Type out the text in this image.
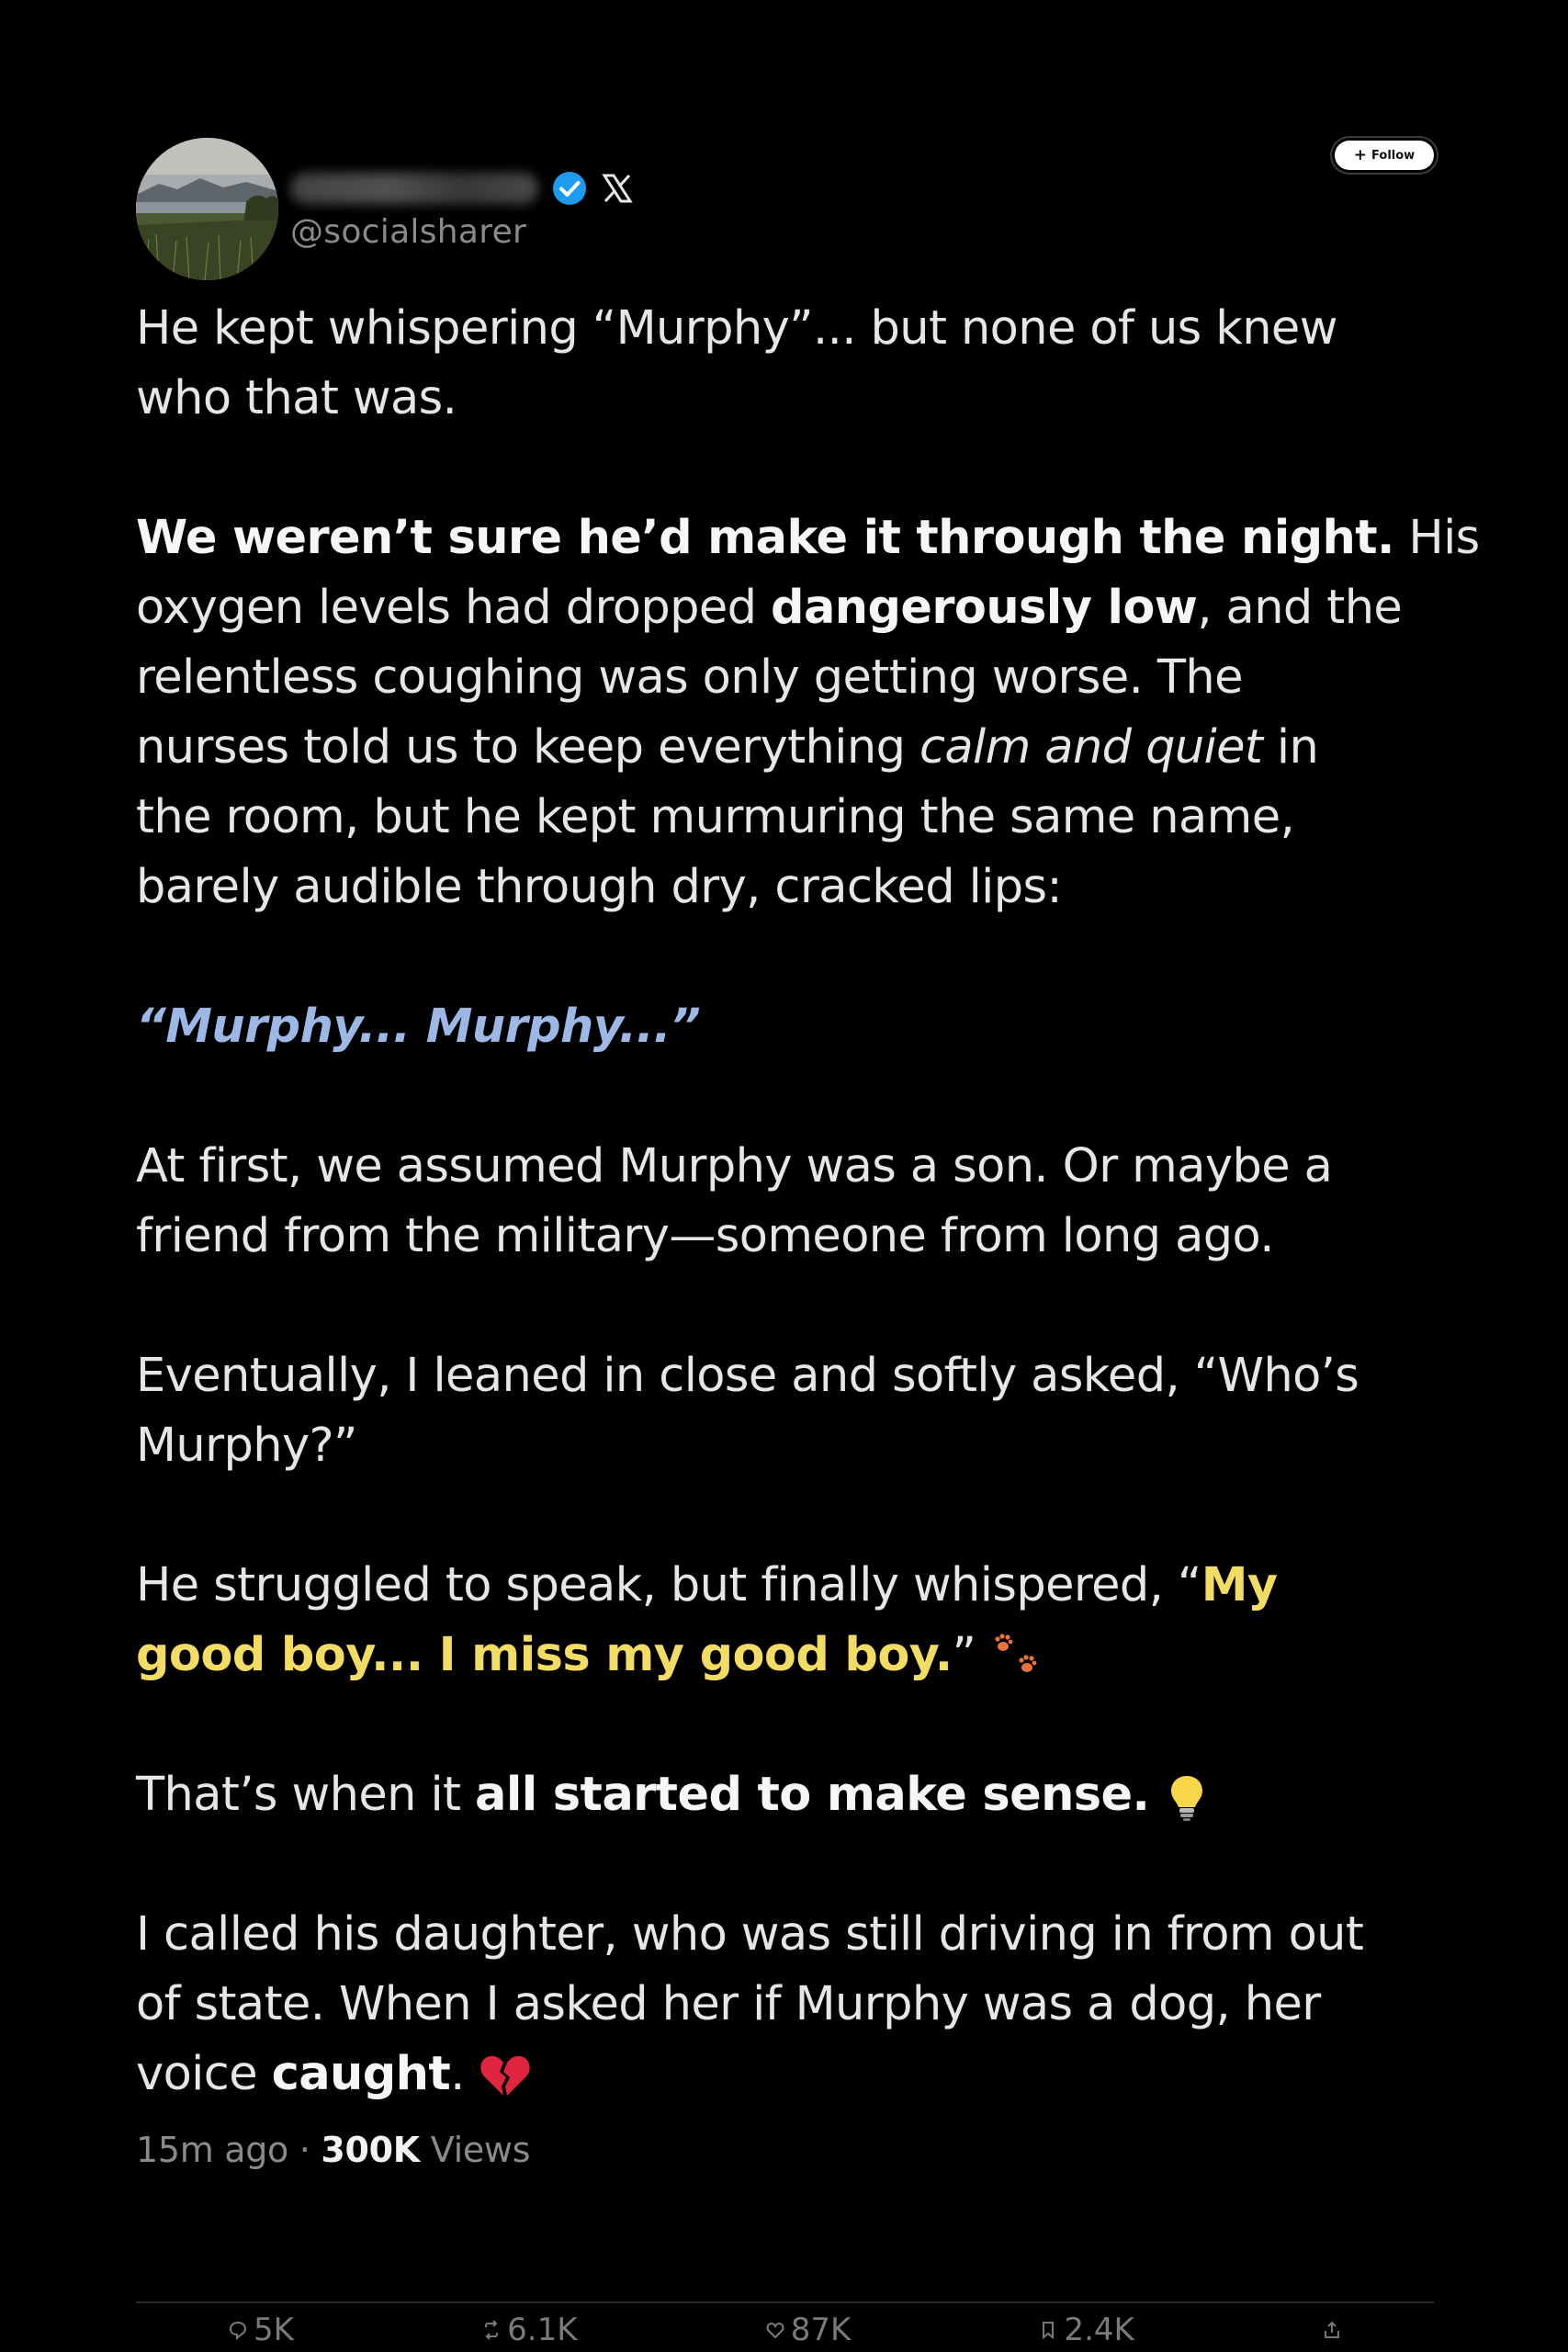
@socialsharer
+ Follow
He kept whispering “Murphy”... but none of us knew
who that was.
We weren’t sure he’d make it through the night. His
oxygen levels had dropped dangerously low, and the
relentless coughing was only getting worse. The
nurses told us to keep everything calm and quiet in
the room, but he kept murmuring the same name,
barely audible through dry, cracked lips:
“Murphy... Murphy...”
At first, we assumed Murphy was a son. Or maybe a
friend from the military—someone from long ago.
Eventually, I leaned in close and softly asked, “Who’s
Murphy?”
He struggled to speak, but finally whispered, “My
good boy... I miss my good boy.”
That’s when it all started to make sense.
I called his daughter, who was still driving in from out
of state. When I asked her if Murphy was a dog, her
voice caught.
15m ago · 300K Views
5K	6.1K	87K	2.4K
